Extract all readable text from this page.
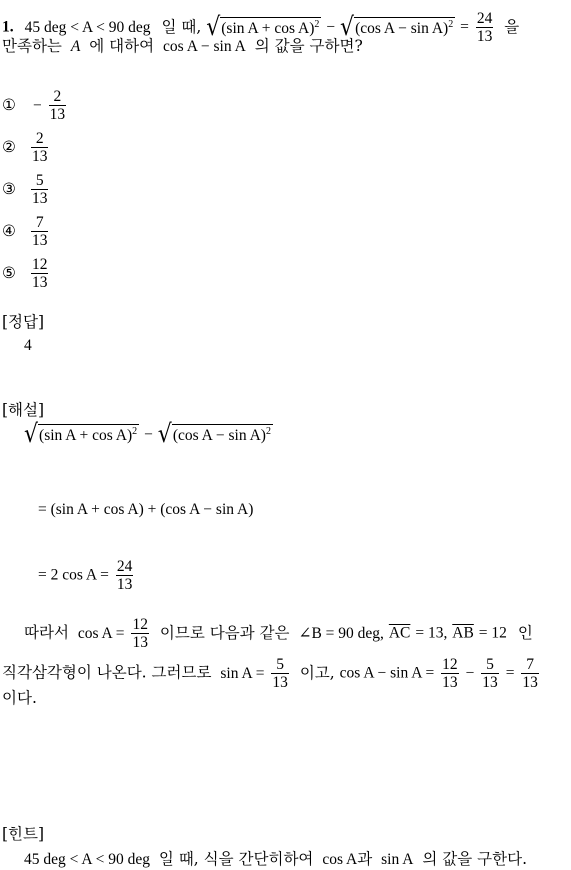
1. 45 deg < A < 90 deg 일 때, √ (sin A + cos A)$^2$ − √ (cos $A - \sin A)^2 = \frac{24}{13}$ 을
만족하는 A 에 대하여 cos A − sin A 의 값을 구하면?
① − $\frac{2}{13}$
② $\frac{2}{13}$
③ $\frac{5}{13}$
④ $\frac{7}{13}$
⑤ $\frac{12}{13}$
[정답]
4
[해설]
√ (sin A + cos A)$^2$ − √ (cos A − sin A)$^2$
= (sin A + cos A) + (cos A − sin A)
= 2 $\cos A = \frac{24}{13}$
따라서 $\cos A = \frac{12}{13}$ 이므로 다음과 같은 ∠B = 90 deg, $\overline{AC} = 13$, $\overline{AB} = 12$ 인
직각삼각형이 나온다. 그러므로 $\sin A = \frac{5}{13}$ 이고, $\cos A - \sin A = \frac{12}{13} - \frac{5}{13} = \frac{7}{13}$
이다.
[힌트]
45 deg < A < 90 deg 일 때, 식을 간단히하여 cos A과 sin A 의 값을 구한다.
